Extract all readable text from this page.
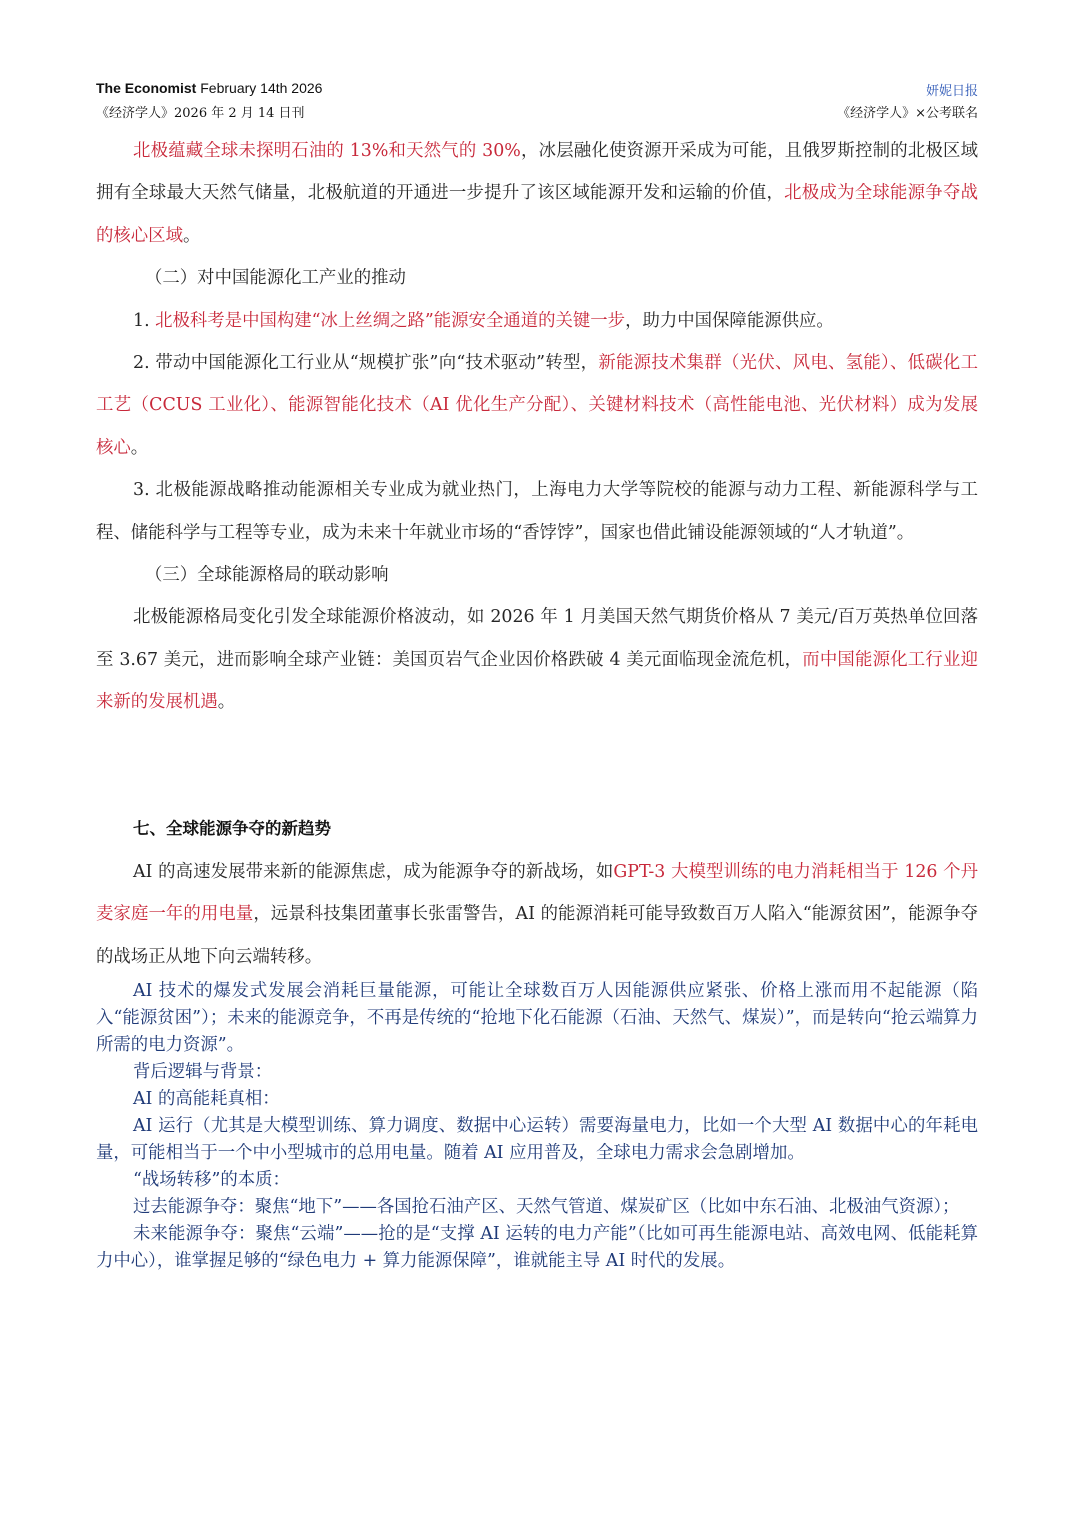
The Economist February 14th 2026	妍妮日报
《经济学人》2026 年 2 月 14 日刊	《经济学人》×公考联名

北极蕴藏全球未探明石油的 13%和天然气的 30%，冰层融化使资源开采成为可能，且俄罗斯控制的北极区域拥有全球最大天然气储量，北极航道的开通进一步提升了该区域能源开发和运输的价值，北极成为全球能源争夺战的核心区域。

（二）对中国能源化工产业的推动

1. 北极科考是中国构建“冰上丝绸之路”能源安全通道的关键一步，助力中国保障能源供应。

2. 带动中国能源化工行业从“规模扩张”向“技术驱动”转型，新能源技术集群（光伏、风电、氢能）、低碳化工工艺（CCUS 工业化）、能源智能化技术（AI 优化生产分配）、关键材料技术（高性能电池、光伏材料）成为发展核心。

3. 北极能源战略推动能源相关专业成为就业热门，上海电力大学等院校的能源与动力工程、新能源科学与工程、储能科学与工程等专业，成为未来十年就业市场的“香饽饽”，国家也借此铺设能源领域的“人才轨道”。

（三）全球能源格局的联动影响

北极能源格局变化引发全球能源价格波动，如 2026 年 1 月美国天然气期货价格从 7 美元/百万英热单位回落至 3.67 美元，进而影响全球产业链：美国页岩气企业因价格跌破 4 美元面临现金流危机，而中国能源化工行业迎来新的发展机遇。

七、全球能源争夺的新趋势

AI 的高速发展带来新的能源焦虑，成为能源争夺的新战场，如GPT-3 大模型训练的电力消耗相当于 126 个丹麦家庭一年的用电量，远景科技集团董事长张雷警告，AI 的能源消耗可能导致数百万人陷入“能源贫困”，能源争夺的战场正从地下向云端转移。

AI 技术的爆发式发展会消耗巨量能源，可能让全球数百万人因能源供应紧张、价格上涨而用不起能源（陷入“能源贫困”）；未来的能源竞争，不再是传统的“抢地下化石能源（石油、天然气、煤炭）”，而是转向“抢云端算力所需的电力资源”。

背后逻辑与背景：

AI 的高能耗真相：

AI 运行（尤其是大模型训练、算力调度、数据中心运转）需要海量电力，比如一个大型 AI 数据中心的年耗电量，可能相当于一个中小型城市的总用电量。随着 AI 应用普及，全球电力需求会急剧增加。

“战场转移”的本质：

过去能源争夺：聚焦“地下”——各国抢石油产区、天然气管道、煤炭矿区（比如中东石油、北极油气资源）；

未来能源争夺：聚焦“云端”——抢的是“支撑 AI 运转的电力产能”（比如可再生能源电站、高效电网、低能耗算力中心），谁掌握足够的“绿色电力 + 算力能源保障”，谁就能主导 AI 时代的发展。
